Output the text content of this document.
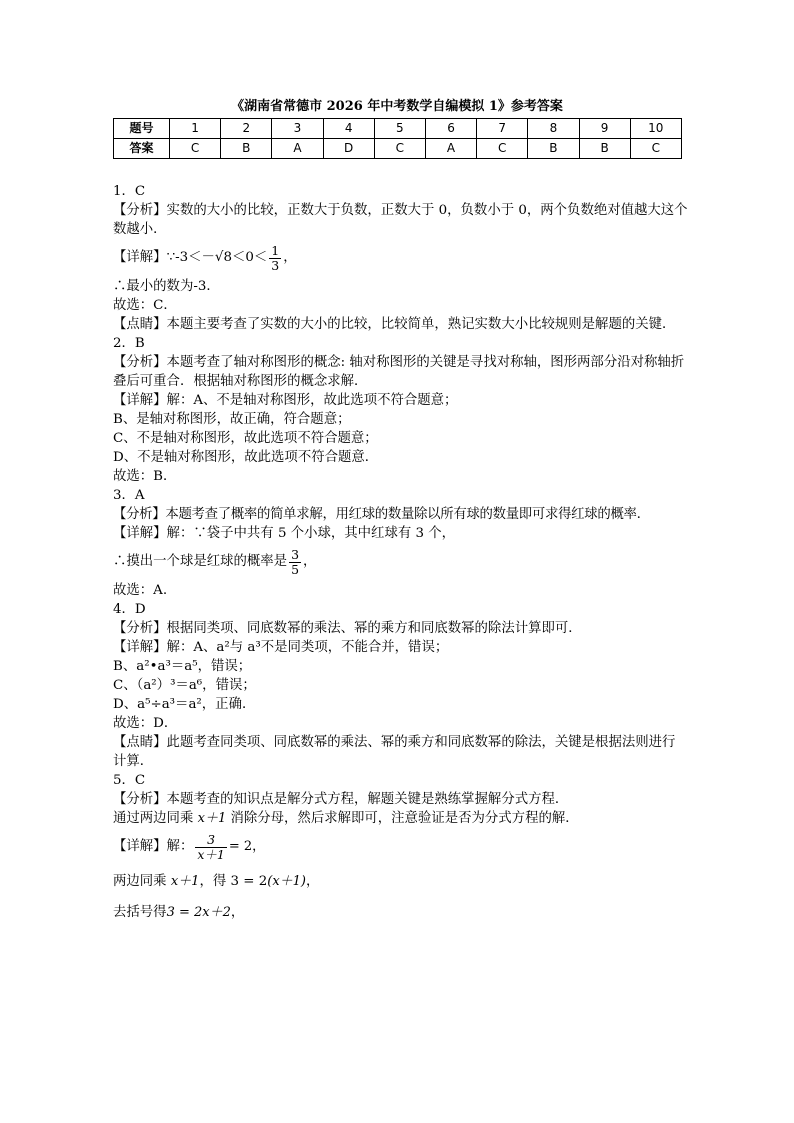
《湖南省常德市 2026 年中考数学自编模拟 1》参考答案
题号	1	2	3	4	5	6	7	8	9	10
答案	C	B	A	D	C	A	C	B	B	C
1．C
【分析】实数的大小的比较，正数大于负数，正数大于 0，负数小于 0，两个负数绝对值越大这个数越小．
【详解】∵-3＜－√8＜0＜ $\frac{1}{3}$ ，
∴最小的数为-3．
故选：C．
【点睛】本题主要考查了实数的大小的比较，比较简单，熟记实数大小比较规则是解题的关键．
2．B
【分析】本题考查了轴对称图形的概念: 轴对称图形的关键是寻找对称轴，图形两部分沿对称轴折叠后可重合．根据轴对称图形的概念求解．
【详解】解：A、不是轴对称图形，故此选项不符合题意；
B、是轴对称图形，故正确，符合题意；
C、不是轴对称图形，故此选项不符合题意；
D、不是轴对称图形，故此选项不符合题意．
故选：B．
3．A
【分析】本题考查了概率的简单求解，用红球的数量除以所有球的数量即可求得红球的概率.
【详解】解：∵袋子中共有 5 个小球，其中红球有 3 个，
∴摸出一个球是红球的概率是 $\frac{3}{5}$ ，
故选：A.
4．D
【分析】根据同类项、同底数幂的乘法、幂的乘方和同底数幂的除法计算即可．
【详解】解：A、a²与 a³不是同类项，不能合并，错误；
B、a²•a³＝a⁵，错误；
C、（a²）³＝a⁶，错误；
D、a⁵÷a³＝a²，正确．
故选：D．
【点睛】此题考查同类项、同底数幂的乘法、幂的乘方和同底数幂的除法，关键是根据法则进行计算．
5．C
【分析】本题考查的知识点是解分式方程，解题关键是熟练掌握解分式方程．
通过两边同乘 x＋1 消除分母，然后求解即可，注意验证是否为分式方程的解．
【详解】解： $\frac{3}{x+1} = 2$，
两边同乘 x＋1，得 3 = 2(x＋1)，
去括号得3 = 2x＋2，
